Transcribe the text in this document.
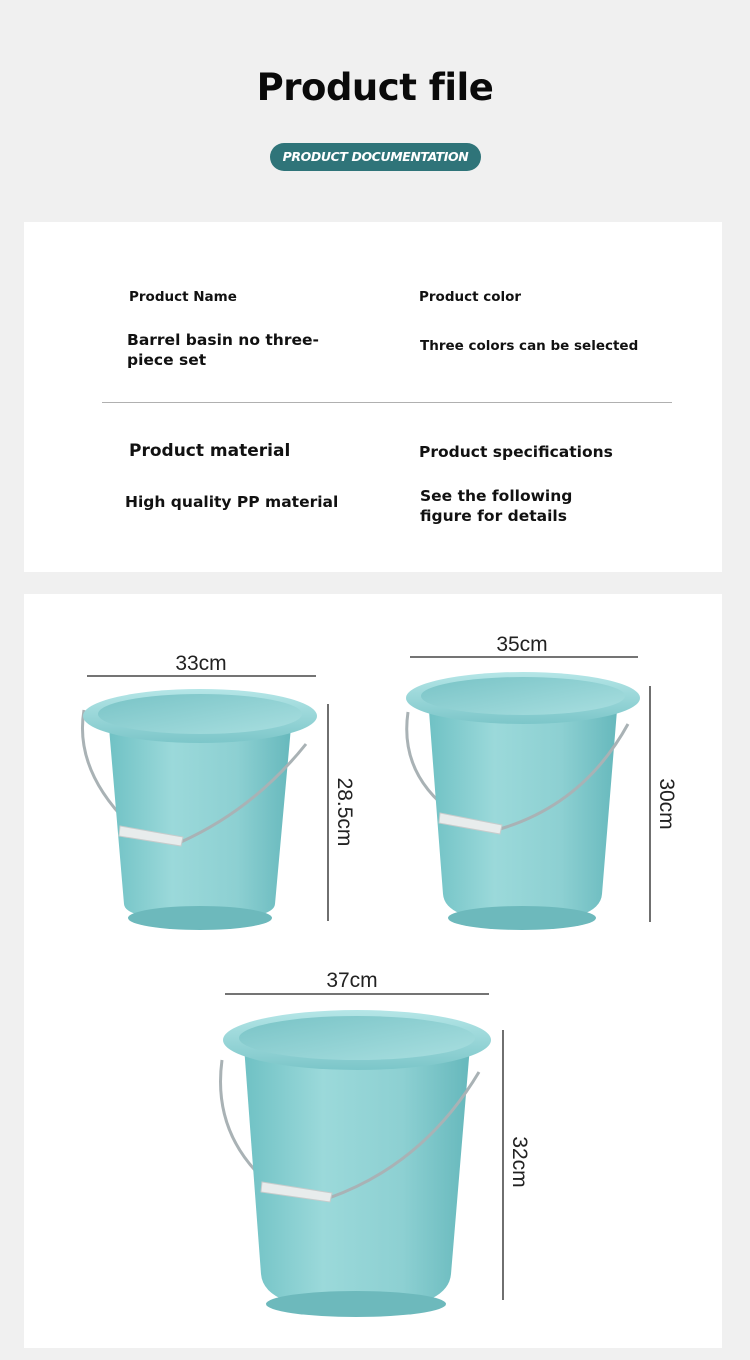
Product file
PRODUCT DOCUMENTATION
Product Name
Barrel basin no three-piece set
Product color
Three colors can be selected
Product material
High quality PP material
Product specifications
See the following figure for details
33cm
28.5cm
35cm
30cm
37cm
32cm
